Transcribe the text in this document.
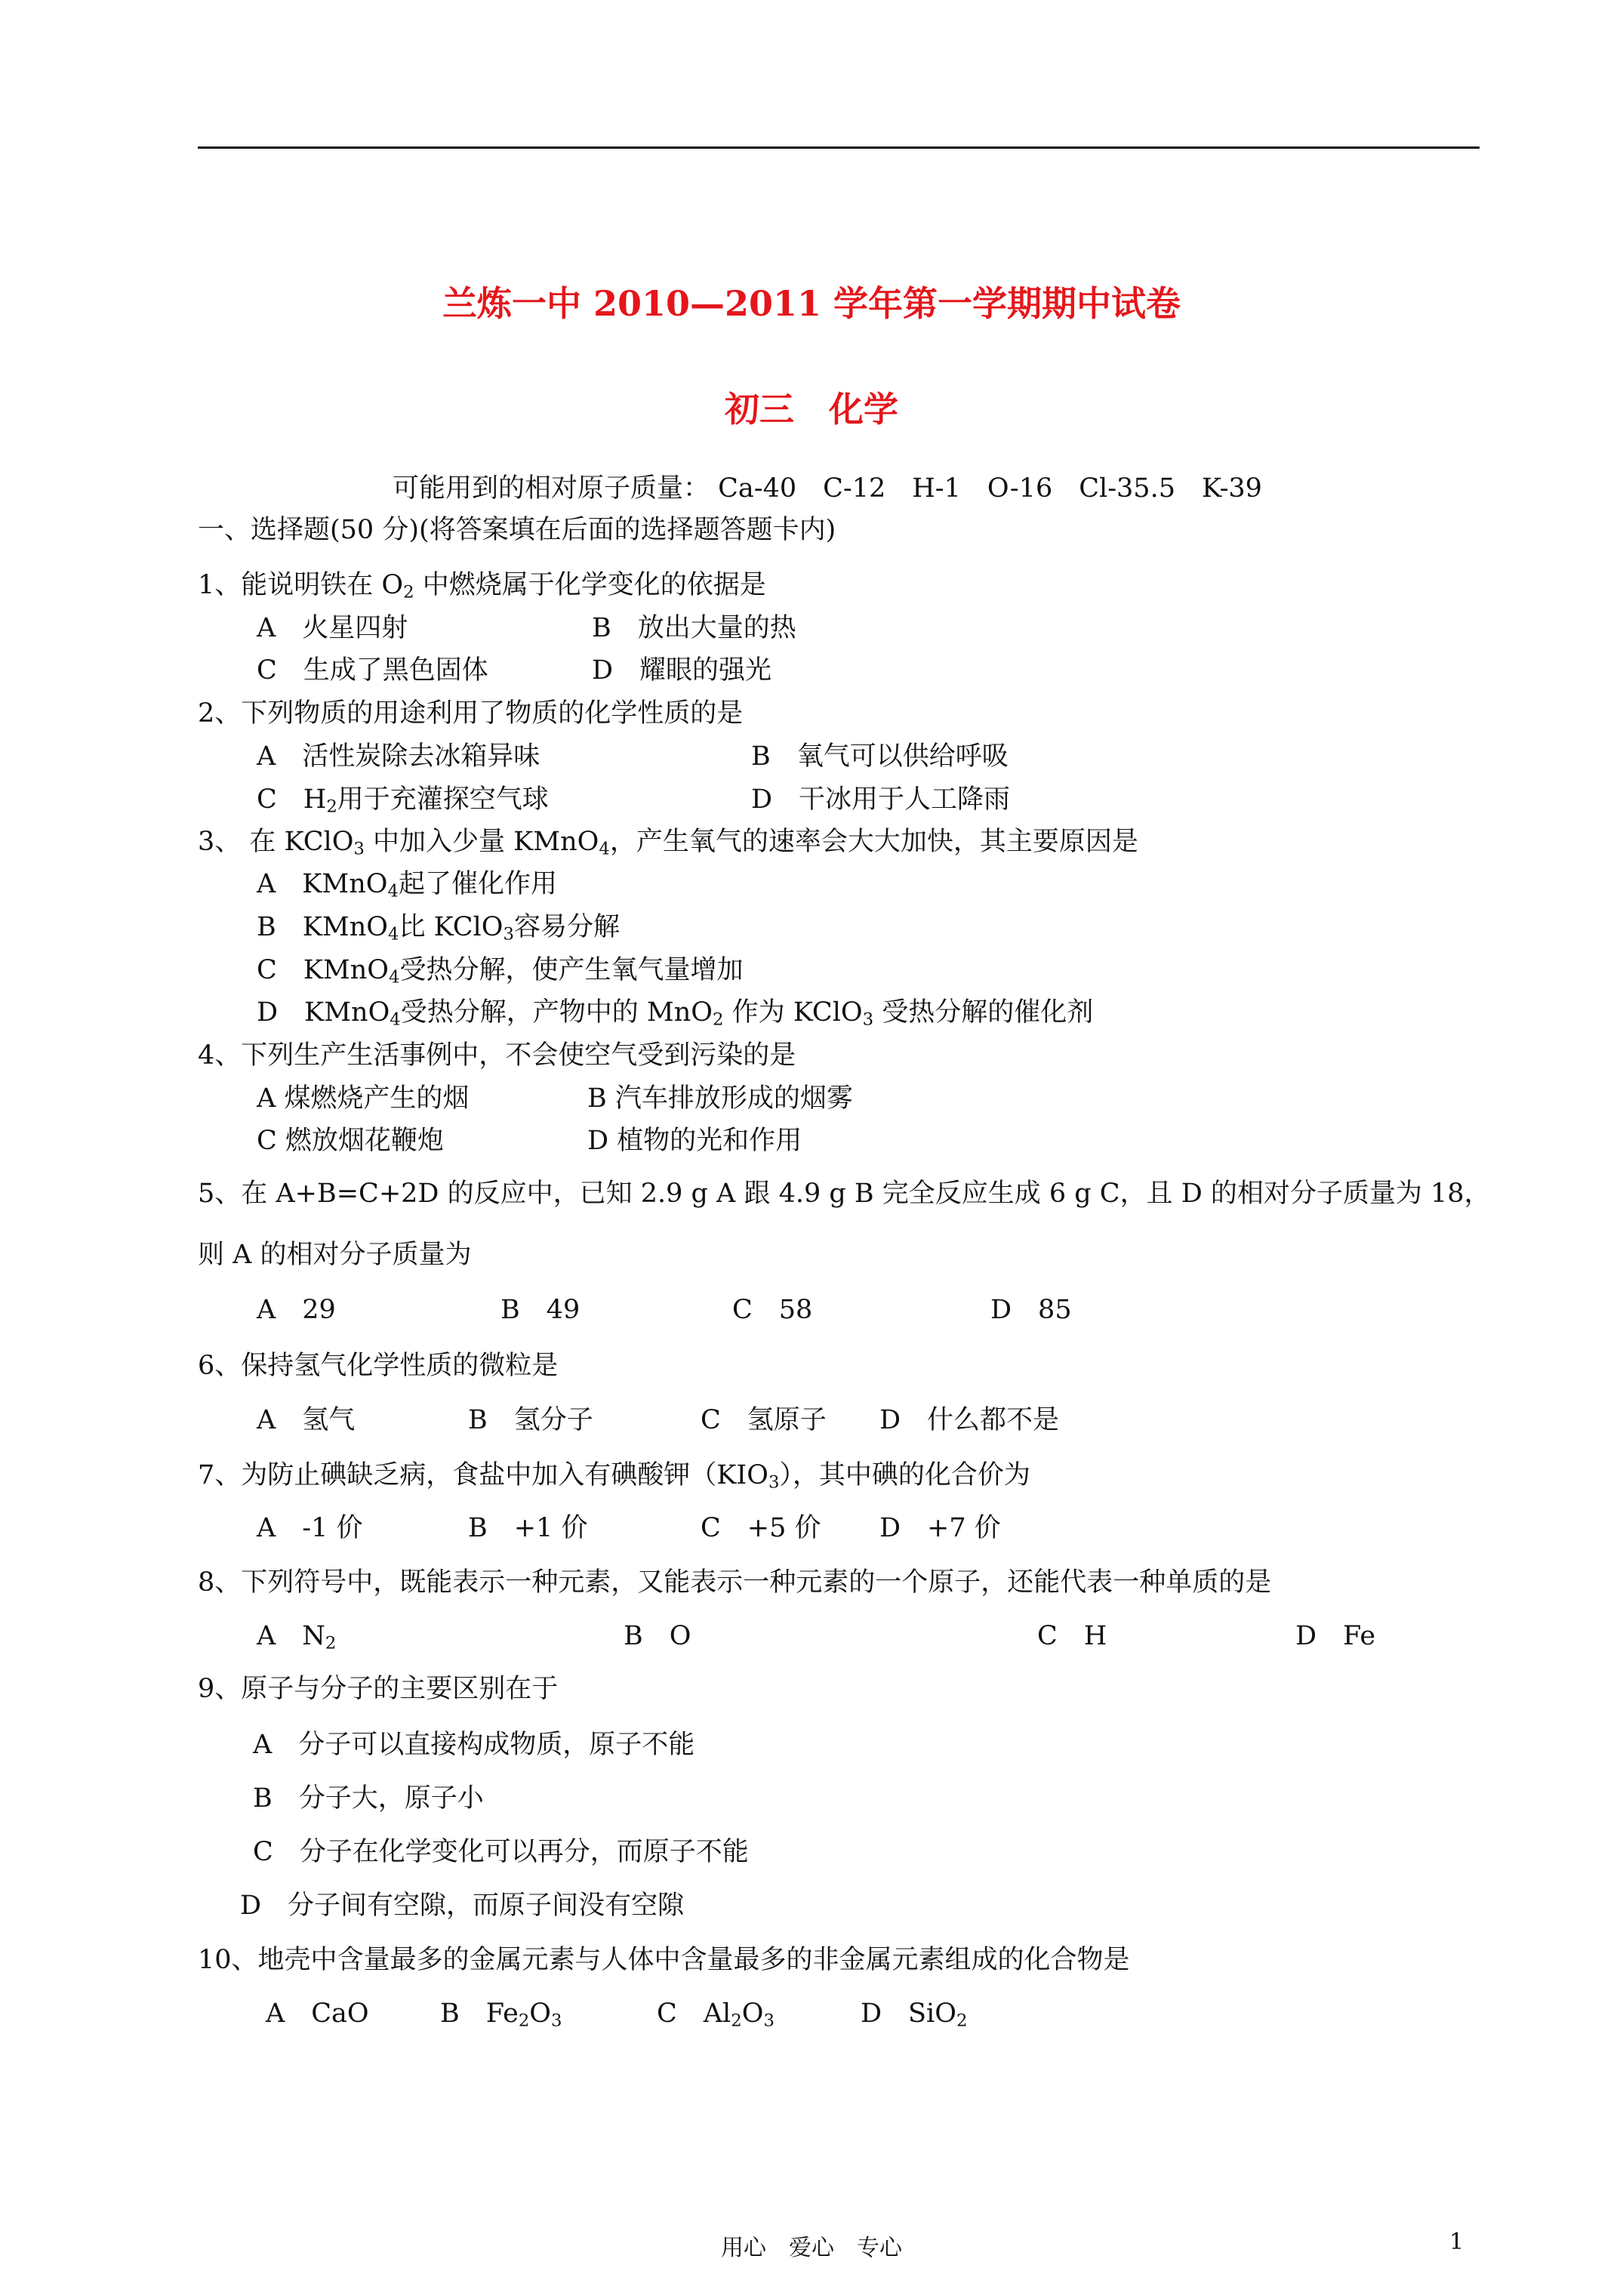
兰炼一中 2010—2011 学年第一学期期中试卷
初三　化学
可能用到的相对原子质量： Ca-40　C-12　H-1　O-16　Cl-35.5　K-39
一、选择题(50 分)(将答案填在后面的选择题答题卡内)
1、能说明铁在 $O_2$ 中燃烧属于化学变化的依据是
A　火星四射	B　放出大量的热
C　生成了黑色固体	D　耀眼的强光
2、下列物质的用途利用了物质的化学性质的是
A　活性炭除去冰箱异味	B　氧气可以供给呼吸
C　$H_2$用于充灌探空气球	D　干冰用于人工降雨
3、 在 KClO$_3$ 中加入少量 KMnO$_4$，产生氧气的速率会大大加快，其主要原因是
A　KMnO$_4$起了催化作用
B　KMnO$_4$比 KClO$_3$容易分解
C　KMnO$_4$受热分解，使产生氧气量增加
D　KMnO$_4$受热分解，产物中的 MnO$_2$ 作为 KClO$_3$ 受热分解的催化剂
4、下列生产生活事例中，不会使空气受到污染的是
A 煤燃烧产生的烟	B 汽车排放形成的烟雾
C 燃放烟花鞭炮	D 植物的光和作用
5、在 A+B=C+2D 的反应中，已知 2.9 g A 跟 4.9 g B 完全反应生成 6 g C，且 D 的相对分子质量为 18，
则 A 的相对分子质量为
A　29	B　49	C　58	D　85
6、保持氢气化学性质的微粒是
A　氢气	B　氢分子	C　氢原子 D　什么都不是
7、为防止碘缺乏病，食盐中加入有碘酸钾$(KIO_3)$，其中碘的化合价为
A　-1 价	B　+1 价	C　+5 价 D　+7 价
8、下列符号中，既能表示一种元素，又能表示一种元素的一个原子，还能代表一种单质的是
A　$N_2$	B　O	C　H	D　Fe
9、原子与分子的主要区别在于
A　分子可以直接构成物质，原子不能
B　分子大，原子小
C　分子在化学变化可以再分，而原子不能
D　分子间有空隙，而原子间没有空隙
10、地壳中含量最多的金属元素与人体中含量最多的非金属元素组成的化合物是
A　CaO	B　$Fe_2O_3$	C　$Al_2O_3$	D　SiO$_2$
用心　爱心　专心	1
